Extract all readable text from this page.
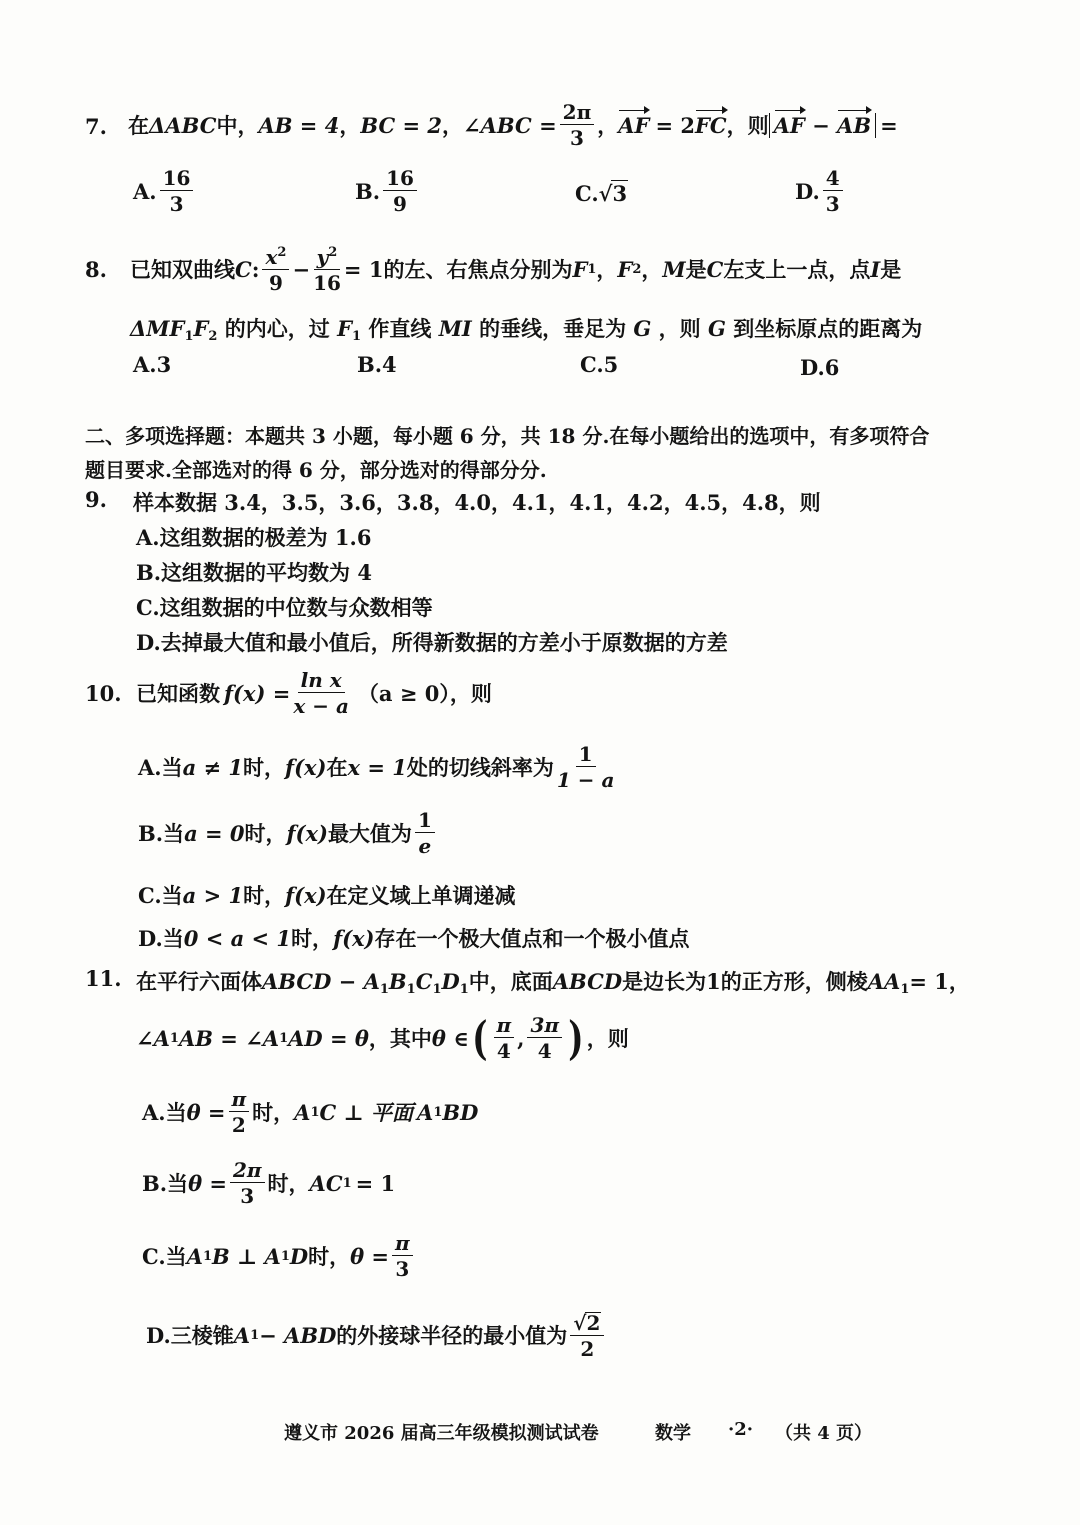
7. 在 ΔABC 中， AB = 4 ， BC = 2 ， ∠ABC = $\frac{2\pi}{3}$ ， AF = 2 FC ，则 AF − AB =
A. $\frac{16}{3}$	B. $\frac{16}{9}$	C.√3	D. $\frac{4}{3}$
8. 已知双曲线 C : $\frac{x^2}{9} - \frac{y^2}{16} = 1$的左、右焦点分别为 F 1 ， F 2 ， M 是 C 左支上一点，点 I 是
$\Delta MF_1F_2$ 的内心，过 $F_1$ 作直线 MI 的垂线，垂足为 G ，则 G 到坐标原点的距离为
A.3	B.4	C.5	D.6
二、多项选择题：本题共 3 小题，每小题 6 分，共 18 分.在每小题给出的选项中，有多项符合
题目要求.全部选对的得 6 分，部分选对的得部分分.
9. 样本数据 3.4，3.5，3.6，3.8，4.0，4.1，4.1，4.2，4.5，4.8，则
A.这组数据的极差为 1.6
B.这组数据的平均数为 4
C.这组数据的中位数与众数相等
D.去掉最大值和最小值后，所得新数据的方差小于原数据的方差
10. 已知函数 $f(x) = \frac{\text{ln x}}{x - a} (a \ge 0)$，则
A.当 a ≠ 1 时， f(x) 在 x = 1 处的切线斜率为 $\frac{1}{1 - a}$
B.当 a = 0 时， f(x) 最大值为 $\frac{1}{e}$
C.当a > 1时，f(x)在定义域上单调递减
D.当0 < a < 1时，f(x)存在一个极大值点和一个极小值点
11. 在平行六面体ABCD − $A_1B_1C_1D_1$中，底面ABCD是边长为1的正方形，侧棱$AA_1= 1$，
∠A 1 AB = ∠A 1 AD = θ ，其中 θ ∈ ( $\frac{\pi}{4}$ , $\frac{3\pi}{4}$ ) ，则
A.当 $\theta = \frac{\pi}{2}$ 时， A 1 C ⊥ 平面 A 1 BD
B.当 $\theta = \frac{2\pi}{3}$ 时， AC 1 = 1
C.当 A 1 B ⊥ A 1 D 时， $\theta = \frac{\pi}{3}$
D.三棱锥 A 1 − ABD 的外接球半径的最小值为 $\frac{√2}{2}$
遵义市 2026 届高三年级模拟测试试卷	数学 ·2· （共 4 页）
